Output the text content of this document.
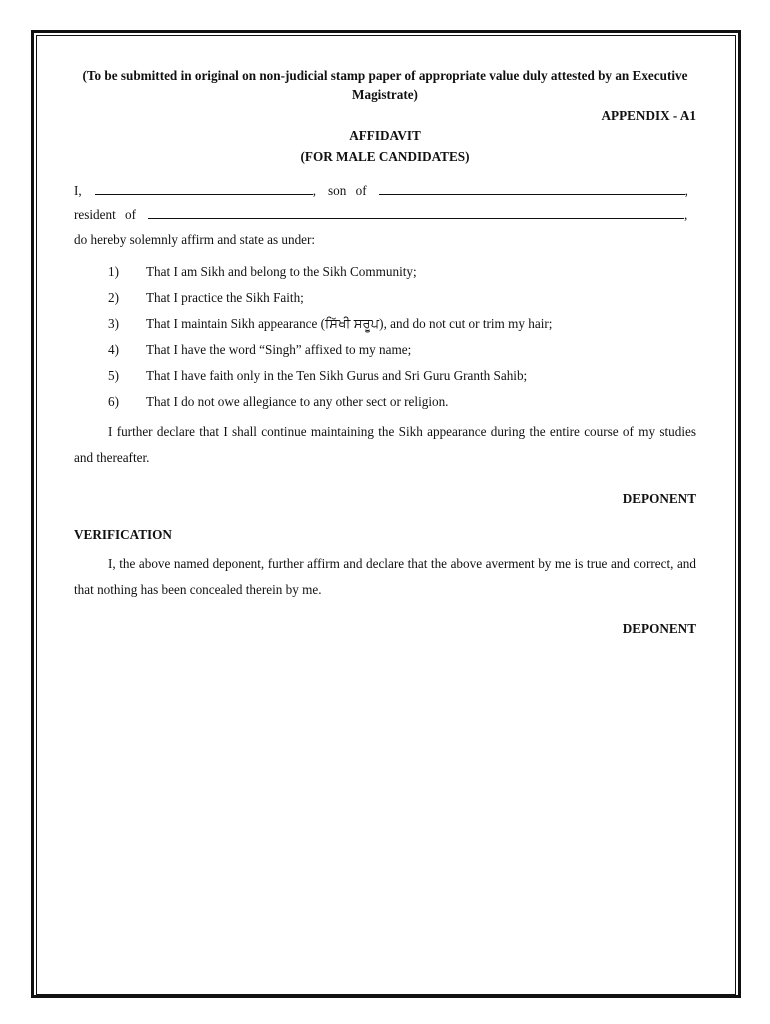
(To be submitted in original on non-judicial stamp paper of appropriate value duly attested by an Executive Magistrate)

APPENDIX - A1

AFFIDAVIT

(FOR MALE CANDIDATES)

I,	, son of	,
resident of	,

do hereby solemnly affirm and state as under:

1)	That I am Sikh and belong to the Sikh Community;
2)	That I practice the Sikh Faith;
3)	That I maintain Sikh appearance (ਸਿੱਖੀ ਸਰੂਪ), and do not cut or trim my hair;
4)	That I have the word “Singh” affixed to my name;
5)	That I have faith only in the Ten Sikh Gurus and Sri Guru Granth Sahib;
6)	That I do not owe allegiance to any other sect or religion.

I further declare that I shall continue maintaining the Sikh appearance during the entire course of my studies and thereafter.

DEPONENT

VERIFICATION

I, the above named deponent, further affirm and declare that the above averment by me is true and correct, and that nothing has been concealed therein by me.

DEPONENT
